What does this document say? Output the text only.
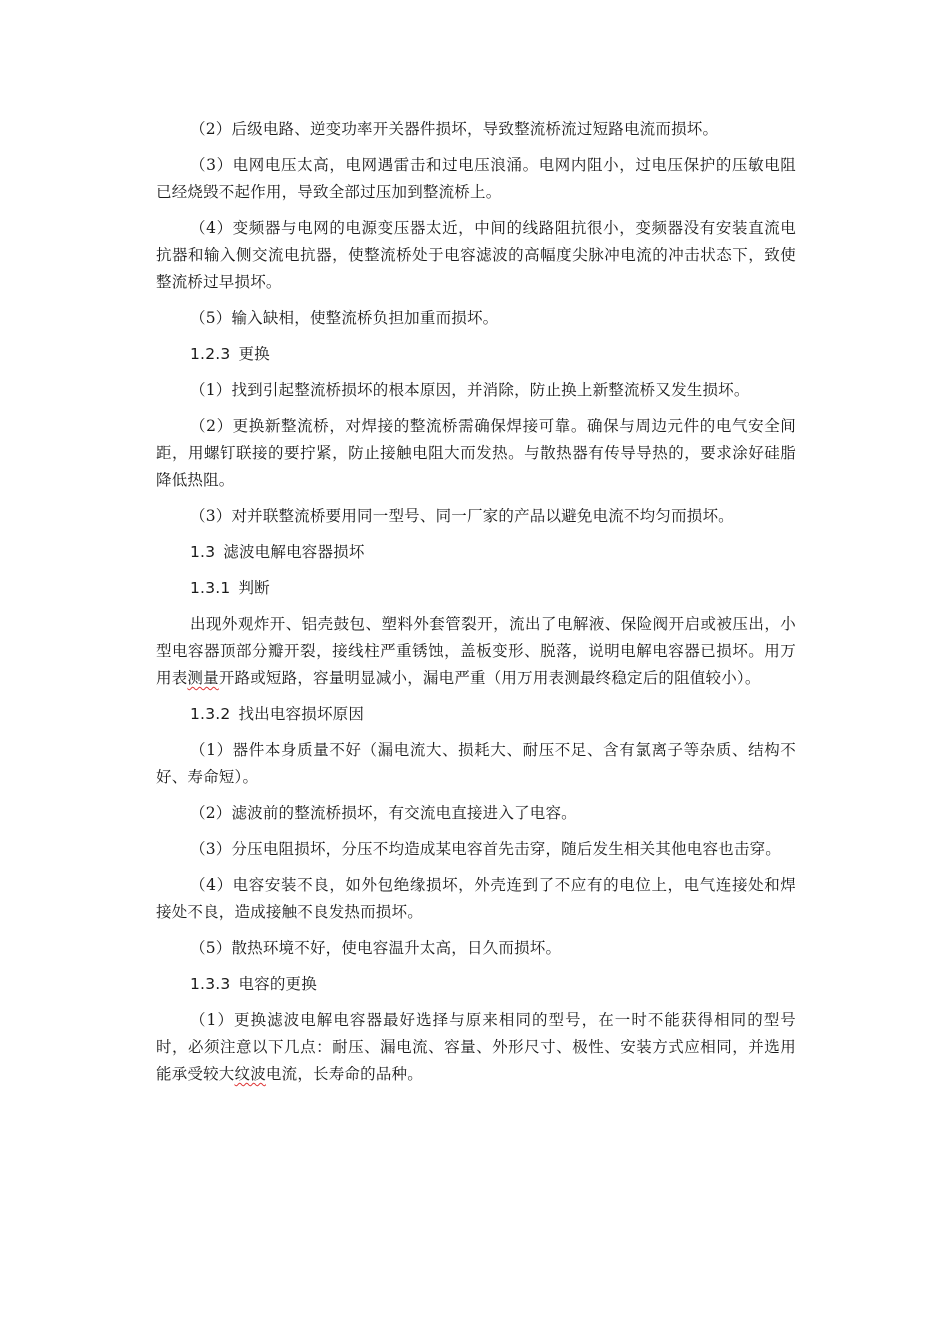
（2）后级电路、逆变功率开关器件损坏，导致整流桥流过短路电流而损坏。

（3）电网电压太高，电网遇雷击和过电压浪涌。电网内阻小，过电压保护的压敏电阻已经烧毁不起作用，导致全部过压加到整流桥上。

（4）变频器与电网的电源变压器太近，中间的线路阻抗很小，变频器没有安装直流电抗器和输入侧交流电抗器，使整流桥处于电容滤波的高幅度尖脉冲电流的冲击状态下，致使整流桥过早损坏。

（5）输入缺相，使整流桥负担加重而损坏。

1.2.3 更换

（1）找到引起整流桥损坏的根本原因，并消除，防止换上新整流桥又发生损坏。

（2）更换新整流桥，对焊接的整流桥需确保焊接可靠。确保与周边元件的电气安全间距，用螺钉联接的要拧紧，防止接触电阻大而发热。与散热器有传导导热的，要求涂好硅脂降低热阻。

（3）对并联整流桥要用同一型号、同一厂家的产品以避免电流不均匀而损坏。

1.3 滤波电解电容器损坏
1.3.1 判断

出现外观炸开、铝壳鼓包、塑料外套管裂开，流出了电解液、保险阀开启或被压出，小型电容器顶部分瓣开裂，接线柱严重锈蚀，盖板变形、脱落，说明电解电容器已损坏。用万用表测量开路或短路，容量明显减小，漏电严重（用万用表测最终稳定后的阻值较小）。

1.3.2 找出电容损坏原因

（1）器件本身质量不好（漏电流大、损耗大、耐压不足、含有氯离子等杂质、结构不好、寿命短）。

（2）滤波前的整流桥损坏，有交流电直接进入了电容。

（3）分压电阻损坏，分压不均造成某电容首先击穿，随后发生相关其他电容也击穿。

（4）电容安装不良，如外包绝缘损坏，外壳连到了不应有的电位上，电气连接处和焊接处不良，造成接触不良发热而损坏。

（5）散热环境不好，使电容温升太高，日久而损坏。

1.3.3 电容的更换

（1）更换滤波电解电容器最好选择与原来相同的型号，在一时不能获得相同的型号时，必须注意以下几点：耐压、漏电流、容量、外形尺寸、极性、安装方式应相同，并选用能承受较大纹波电流，长寿命的品种。
